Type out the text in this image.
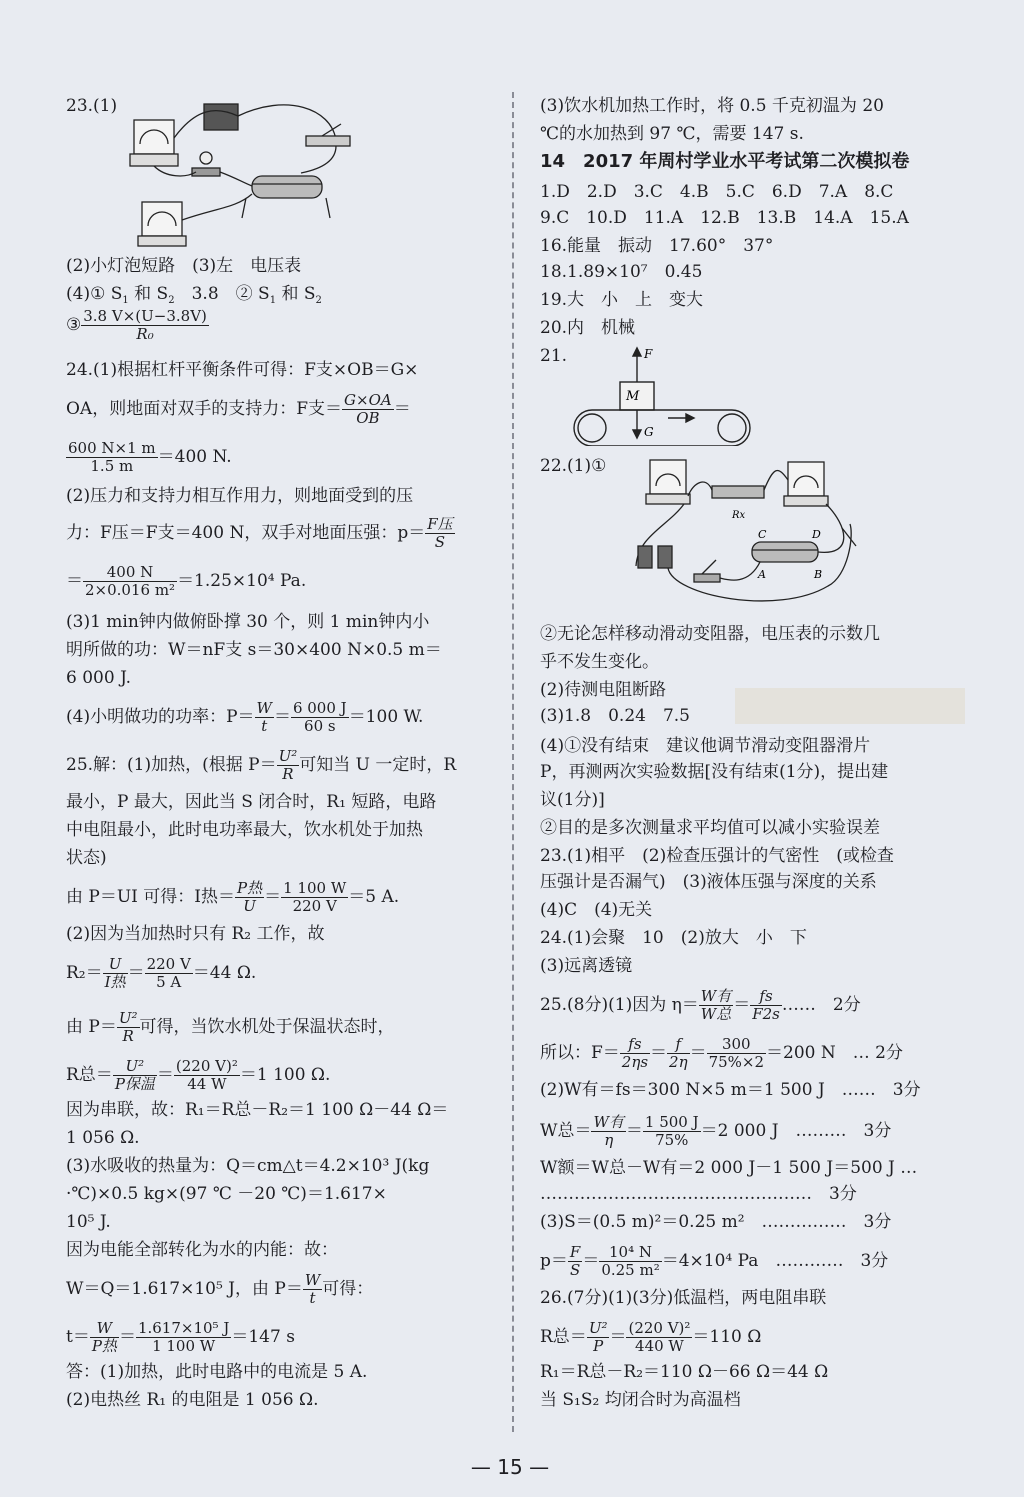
23.(1)
(2)小灯泡短路　(3)左　电压表
(4)① $S_1$ 和 $S_2$　3.8　② $S_1$ 和 $S_2$
③ $\frac{3.8 V\times(U-3.8V)}{\text{R₀}}$
24.(1)根据杠杆平衡条件可得：F支×OB＝G×
OA，则地面对双手的支持力：F支＝ $\frac{G\times OA}{OB}$ ＝
$\frac{600 N\times 1 m}{1.5 m} =400$ N.
(2)压力和支持力相互作用力，则地面受到的压
力：F压＝F支＝400 N，双手对地面压强：$p= \frac{\text{F压}}{S}$
＝ $\frac{400 N}{\text{2×0.016 m²}} =1.25\times 10^4$ Pa.
(3)1 min钟内做俯卧撑 30 个，则 1 min钟内小
明所做的功：W＝nF支 s＝30×400 N×0.5 m＝
6 000 J.
(4)小明做功的功率：$P= \frac{W}{t} = \frac{6 000 J}{60 s} =100$ W.
25.解：(1)加热，(根据 $P= \frac{\text{U²}}{R}$ 可知当 U 一定时，R
最小，P 最大，因此当 S 闭合时，R₁ 短路，电路
中电阻最小，此时电功率最大，饮水机处于加热
状态)
由 P＝UI 可得：I热＝ $\frac{\text{P热}}{U} = \frac{1 100 W}{220 V} =5$ A.
(2)因为当加热时只有 R₂ 工作，故
$R_2= \frac{U}{\text{I热}} = \frac{220 V}{5 A} =44$ Ω.
由 $P= \frac{\text{U²}}{R}$ 可得，当饮水机处于保温状态时，
R总＝ $\frac{\text{U²}}{\text{P保温}} = \frac{\text{(220 V)²}}{44 W} =1$ 100 Ω.
因为串联，故：R₁＝R总－R₂＝1 100 Ω－44 Ω＝
1 056 Ω.
(3)水吸收的热量为：Q＝cm△t＝4.2×10³ J(kg
·℃)×0.5 kg×(97 ℃ －20 ℃)＝1.617×
10⁵ J.
因为电能全部转化为水的内能：故：
W＝Q＝1.617×10⁵ J，由 $P= \frac{W}{t}$ 可得：
$t= \frac{W}{\text{P热}} = \frac{\text{1.617×10⁵ J}}{1 100 W} =147$ s
答：(1)加热，此时电路中的电流是 5 A.
(2)电热丝 R₁ 的电阻是 1 056 Ω.
(3)饮水机加热工作时，将 0.5 千克初温为 20
℃的水加热到 97 ℃，需要 147 s.
14　2017 年周村学业水平考试第二次模拟卷
1.D　2.D　3.C　4.B　5.C　6.D　7.A　8.C
9.C　10.D　11.A　12.B　13.B　14.A　15.A
16.能量　振动　17.60°　37°
18.1.89×10⁷　0.45
19.大　小　上　变大
20.内　机械
21.
M
F
G
22.(1)①
Rx
C	D
A	B
②无论怎样移动滑动变阻器，电压表的示数几
乎不发生变化。
(2)待测电阻断路
(3)1.8　0.24　7.5
(4)①没有结束　建议他调节滑动变阻器滑片
P，再测两次实验数据[没有结束(1分)，提出建
议(1分)]
②目的是多次测量求平均值可以减小实验误差
23.(1)相平　(2)检查压强计的气密性　(或检查
压强计是否漏气)　(3)液体压强与深度的关系
(4)C　(4)无关
24.(1)会聚　10　(2)放大　小　下
(3)远离透镜
25.(8分)(1)因为 $\eta= \frac{\text{W有}}{\text{W总}} = \frac{fs}{F2s}$ ……　2分
所以：$F= \frac{fs}{2\eta s} = \frac{f}{2\eta} = \frac{300}{75\%\times 2} =200$ N　… 2分
(2)W有＝fs＝300 N×5 m＝1 500 J　……　3分
W总＝ $\frac{\text{W有}}{\eta} = \frac{1 500 J}{75\%} =2$ 000 J　………　3分
W额＝W总－W有＝2 000 J－1 500 J＝500 J …
…………………………………………　3分
(3)S＝(0.5 m)²＝0.25 m²　……………　3分
$p= \frac{F}{S} = \frac{\text{10⁴ N}}{\text{0.25 m²}} =4\times 10^4$ Pa　…………　3分
26.(7分)(1)(3分)低温档，两电阻串联
R总＝ $\frac{\text{U²}}{P} = \frac{\text{(220 V)²}}{440 W} =110$ Ω
R₁＝R总－R₂＝110 Ω－66 Ω＝44 Ω
当 S₁S₂ 均闭合时为高温档
— 15 —
